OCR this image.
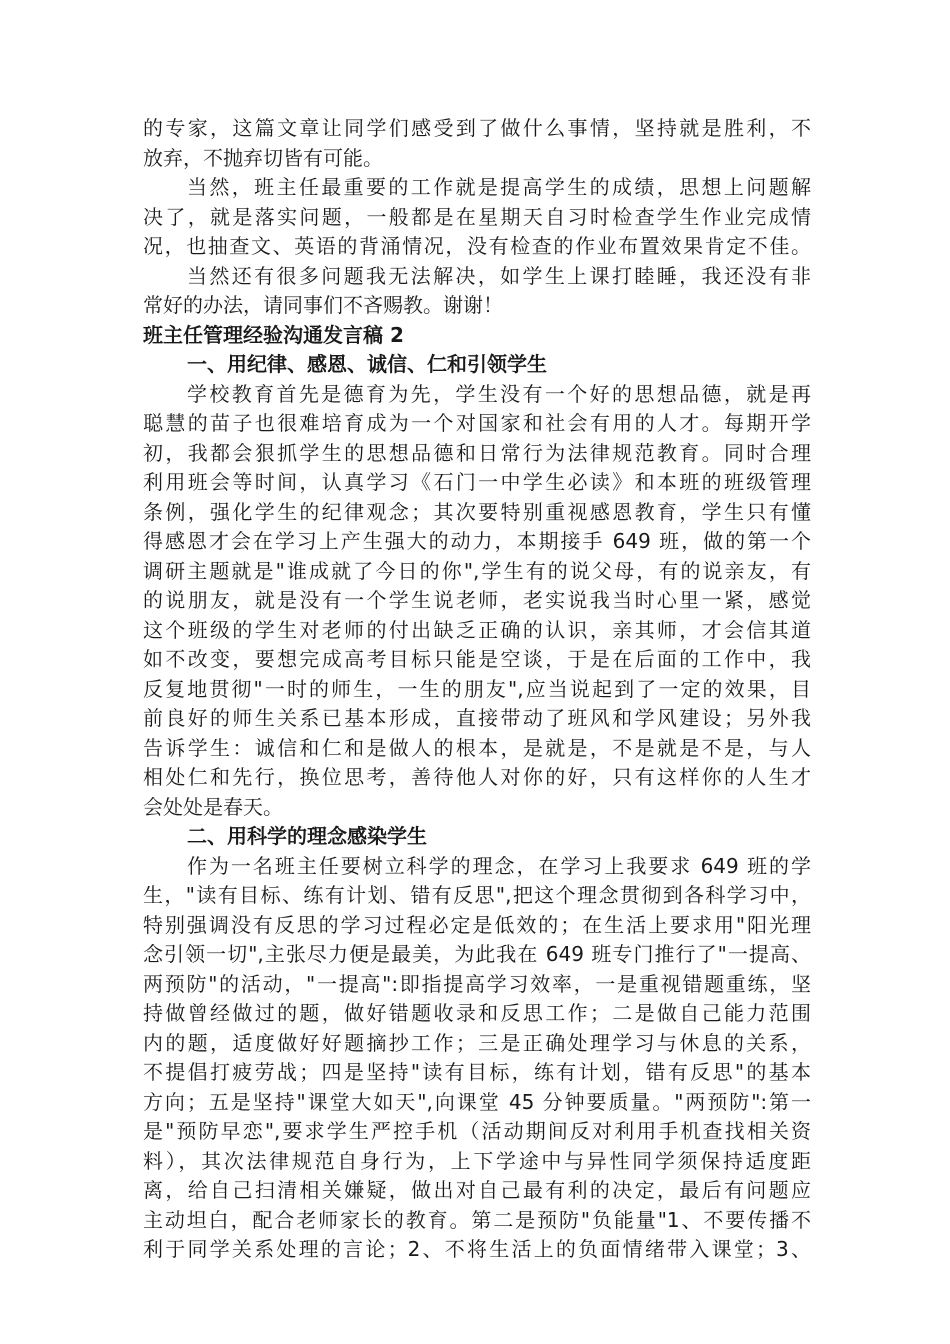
的专家，这篇文章让同学们感受到了做什么事情，坚持就是胜利，不
放弃，不抛弃切皆有可能。
当然，班主任最重要的工作就是提高学生的成绩，思想上问题解
决了，就是落实问题，一般都是在星期天自习时检查学生作业完成情
况，也抽查文、英语的背涌情况，没有检查的作业布置效果肯定不佳。
当然还有很多问题我无法解决，如学生上课打睦睡，我还没有非
常好的办法，请同事们不吝赐教。谢谢！
班主任管理经验沟通发言稿 2
一、用纪律、感恩、诚信、仁和引领学生
学校教育首先是德育为先，学生没有一个好的思想品德，就是再
聪慧的苗子也很难培育成为一个对国家和社会有用的人才。每期开学
初，我都会狠抓学生的思想品德和日常行为法律规范教育。同时合理
利用班会等时间，认真学习《石门一中学生必读》和本班的班级管理
条例，强化学生的纪律观念；其次要特别重视感恩教育，学生只有懂
得感恩才会在学习上产生强大的动力，本期接手 649 班，做的第一个
调研主题就是"谁成就了今日的你",学生有的说父母，有的说亲友，有
的说朋友，就是没有一个学生说老师，老实说我当时心里一紧，感觉
这个班级的学生对老师的付出缺乏正确的认识，亲其师，才会信其道
如不改变，要想完成高考目标只能是空谈，于是在后面的工作中，我
反复地贯彻"一时的师生，一生的朋友",应当说起到了一定的效果，目
前良好的师生关系已基本形成，直接带动了班风和学风建设；另外我
告诉学生：诚信和仁和是做人的根本，是就是，不是就是不是，与人
相处仁和先行，换位思考，善待他人对你的好，只有这样你的人生才
会处处是春天。
二、用科学的理念感染学生
作为一名班主任要树立科学的理念，在学习上我要求 649 班的学
生，"读有目标、练有计划、错有反思",把这个理念贯彻到各科学习中，
特别强调没有反思的学习过程必定是低效的；在生活上要求用"阳光理
念引领一切",主张尽力便是最美，为此我在 649 班专门推行了"一提高、
两预防"的活动，"一提高":即指提高学习效率，一是重视错题重练，坚
持做曾经做过的题，做好错题收录和反思工作；二是做自己能力范围
内的题，适度做好好题摘抄工作；三是正确处理学习与休息的关系，
不提倡打疲劳战；四是坚持"读有目标，练有计划，错有反思"的基本
方向；五是坚持"课堂大如天",向课堂 45 分钟要质量。"两预防":第一
是"预防早恋",要求学生严控手机（活动期间反对利用手机查找相关资
料），其次法律规范自身行为，上下学途中与异性同学须保持适度距
离，给自己扫清相关嫌疑，做出对自己最有利的决定，最后有问题应
主动坦白，配合老师家长的教育。第二是预防"负能量"1、不要传播不
利于同学关系处理的言论；2、不将生活上的负面情绪带入课堂；3、
